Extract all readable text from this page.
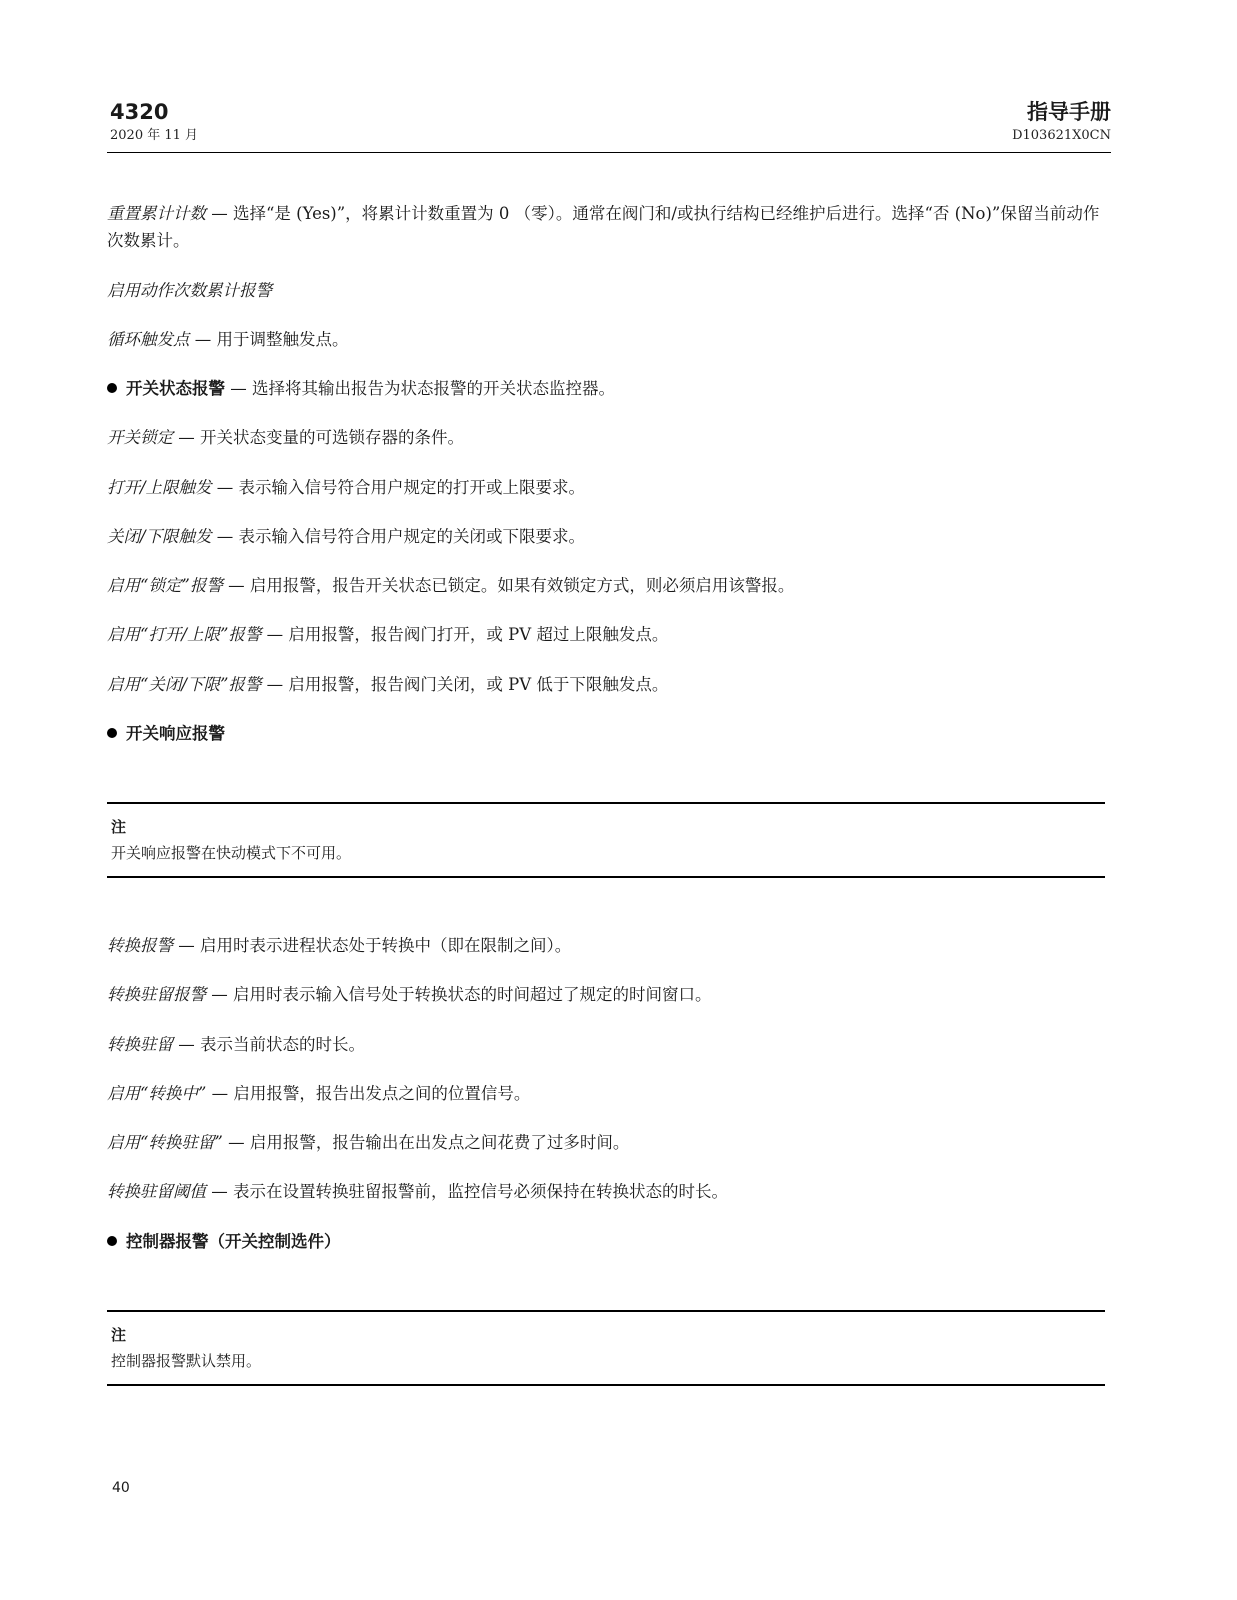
4320
2020 年 11 月
指导手册
D103621X0CN

重置累计计数 — 选择“是 (Yes)”，将累计计数重置为 0 （零）。通常在阀门和/或执行结构已经维护后进行。选择“否 (No)”保留当前动作次数累计。

启用动作次数累计报警

循环触发点 — 用于调整触发点。

开关状态报警 — 选择将其输出报告为状态报警的开关状态监控器。

开关锁定 — 开关状态变量的可选锁存器的条件。

打开/上限触发 — 表示输入信号符合用户规定的打开或上限要求。

关闭/下限触发 — 表示输入信号符合用户规定的关闭或下限要求。

启用“锁定”报警 — 启用报警，报告开关状态已锁定。如果有效锁定方式，则必须启用该警报。

启用“打开/上限”报警 — 启用报警，报告阀门打开，或 PV 超过上限触发点。

启用“关闭/下限”报警 — 启用报警，报告阀门关闭，或 PV 低于下限触发点。

开关响应报警
注
开关响应报警在快动模式下不可用。

转换报警 — 启用时表示进程状态处于转换中（即在限制之间）。

转换驻留报警 — 启用时表示输入信号处于转换状态的时间超过了规定的时间窗口。

转换驻留 — 表示当前状态的时长。

启用“转换中” — 启用报警，报告出发点之间的位置信号。

启用“转换驻留” — 启用报警，报告输出在出发点之间花费了过多时间。

转换驻留阈值 — 表示在设置转换驻留报警前，监控信号必须保持在转换状态的时长。

控制器报警（开关控制选件）
注
控制器报警默认禁用。
40
